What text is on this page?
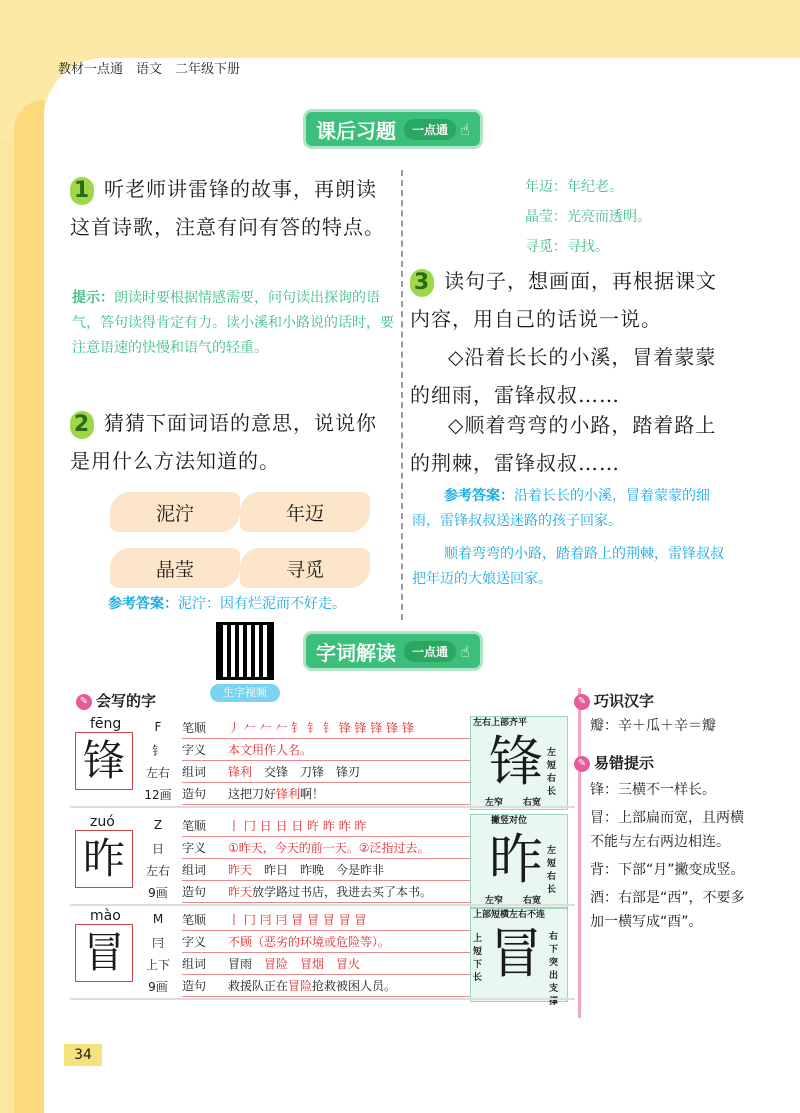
教材一点通　语文　二年级下册
课后习题	一点通 ☝
1 听老师讲雷锋的故事，再朗读这首诗歌，注意有问有答的特点。
提示：朗读时要根据情感需要，问句读出探询的语气，答句读得肯定有力。读小溪和小路说的话时，要注意语速的快慢和语气的轻重。
2 猜猜下面词语的意思，说说你是用什么方法知道的。
泥泞	年迈
晶莹	寻觅
参考答案：泥泞：因有烂泥而不好走。
年迈：年纪老。
晶莹：光亮而透明。
寻觅：寻找。
3 读句子，想画面，再根据课文内容，用自己的话说一说。
◇沿着长长的小溪，冒着蒙蒙的细雨，雷锋叔叔……
◇顺着弯弯的小路，踏着路上的荆棘，雷锋叔叔……
参考答案：沿着长长的小溪，冒着蒙蒙的细雨，雷锋叔叔送迷路的孩子回家。
顺着弯弯的小路，踏着路上的荆棘，雷锋叔叔把年迈的大娘送回家。
生字视频
字词解读	一点通 ☝
✎ 会写的字
fēng
锋
F
钅
左右
12画
笔顺	丿 𠂉 𠂉 𠂉 钅 钅 钅 锋 锋 锋 锋 锋
字义	本文用作人名。
组词	锋利　交锋　刀锋　锋刃
造句	这把刀好锋利啊！
左右上部齐平
锋 左短右长
左窄 右宽
zuó
昨
Z
日
左右
9画
笔顺	丨 冂 日 日 日 旿 昨 昨 昨
字义	①昨天，今天的前一天。②泛指过去。
组词	昨天　昨日　昨晚　今是昨非
造句	昨天放学路过书店，我进去买了本书。
撇竖对位
昨 左短右长
左窄 右宽
mào
冒
M
冃
上下
9画
笔顺	丨 冂 冃 冃 冒 冒 冒 冒 冒
字义	不顾（恶劣的环境或危险等）。
组词	冒雨　冒险　冒烟　冒火
造句	救援队正在冒险抢救被困人员。
上部短横左右不连
冒 右下突出支撑
上短下长
✎ 巧识汉字
瓣：辛＋瓜＋辛＝瓣
✎ 易错提示
锋：三横不一样长。
冒：上部扁而宽，且两横不能与左右两边相连。
背：下部“月”撇变成竖。
酒：右部是“西”，不要多加一横写成“酉”。
34
